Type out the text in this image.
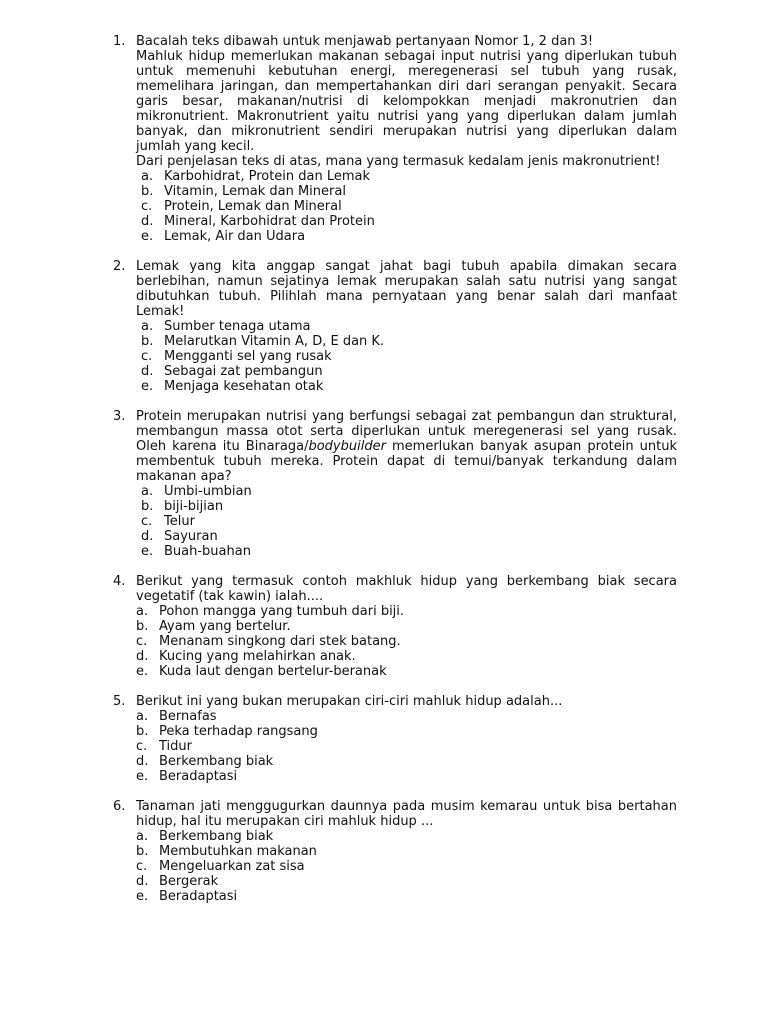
1. Bacalah teks dibawah untuk menjawab pertanyaan Nomor 1, 2 dan 3!
Mahluk hidup memerlukan makanan sebagai input nutrisi yang diperlukan tubuh untuk memenuhi kebutuhan energi, meregenerasi sel tubuh yang rusak, memelihara jaringan, dan mempertahankan diri dari serangan penyakit. Secara garis besar, makanan/nutrisi di kelompokkan menjadi makronutrien dan mikronutrient. Makronutrient yaitu nutrisi yang yang diperlukan dalam jumlah banyak, dan mikronutrient sendiri merupakan nutrisi yang diperlukan dalam jumlah yang kecil.
Dari penjelasan teks di atas, mana yang termasuk kedalam jenis makronutrient!
a. Karbohidrat, Protein dan Lemak
b. Vitamin, Lemak dan Mineral
c. Protein, Lemak dan Mineral
d. Mineral, Karbohidrat dan Protein
e. Lemak, Air dan Udara
2. Lemak yang kita anggap sangat jahat bagi tubuh apabila dimakan secara berlebihan, namun sejatinya lemak merupakan salah satu nutrisi yang sangat dibutuhkan tubuh. Pilihlah mana pernyataan yang benar salah dari manfaat Lemak!
a. Sumber tenaga utama
b. Melarutkan Vitamin A, D, E dan K.
c. Mengganti sel yang rusak
d. Sebagai zat pembangun
e. Menjaga kesehatan otak
3. Protein merupakan nutrisi yang berfungsi sebagai zat pembangun dan struktural, membangun massa otot serta diperlukan untuk meregenerasi sel yang rusak. Oleh karena itu Binaraga/bodybuilder memerlukan banyak asupan protein untuk membentuk tubuh mereka. Protein dapat di temui/banyak terkandung dalam makanan apa?
a. Umbi-umbian
b. biji-bijian
c. Telur
d. Sayuran
e. Buah-buahan
4. Berikut yang termasuk contoh makhluk hidup yang berkembang biak secara vegetatif (tak kawin) ialah....
a. Pohon mangga yang tumbuh dari biji.
b. Ayam yang bertelur.
c. Menanam singkong dari stek batang.
d. Kucing yang melahirkan anak.
e. Kuda laut dengan bertelur-beranak
5. Berikut ini yang bukan merupakan ciri-ciri mahluk hidup adalah...
a. Bernafas
b. Peka terhadap rangsang
c. Tidur
d. Berkembang biak
e. Beradaptasi
6. Tanaman jati menggugurkan daunnya pada musim kemarau untuk bisa bertahan hidup, hal itu merupakan ciri mahluk hidup ...
a. Berkembang biak
b. Membutuhkan makanan
c. Mengeluarkan zat sisa
d. Bergerak
e. Beradaptasi
